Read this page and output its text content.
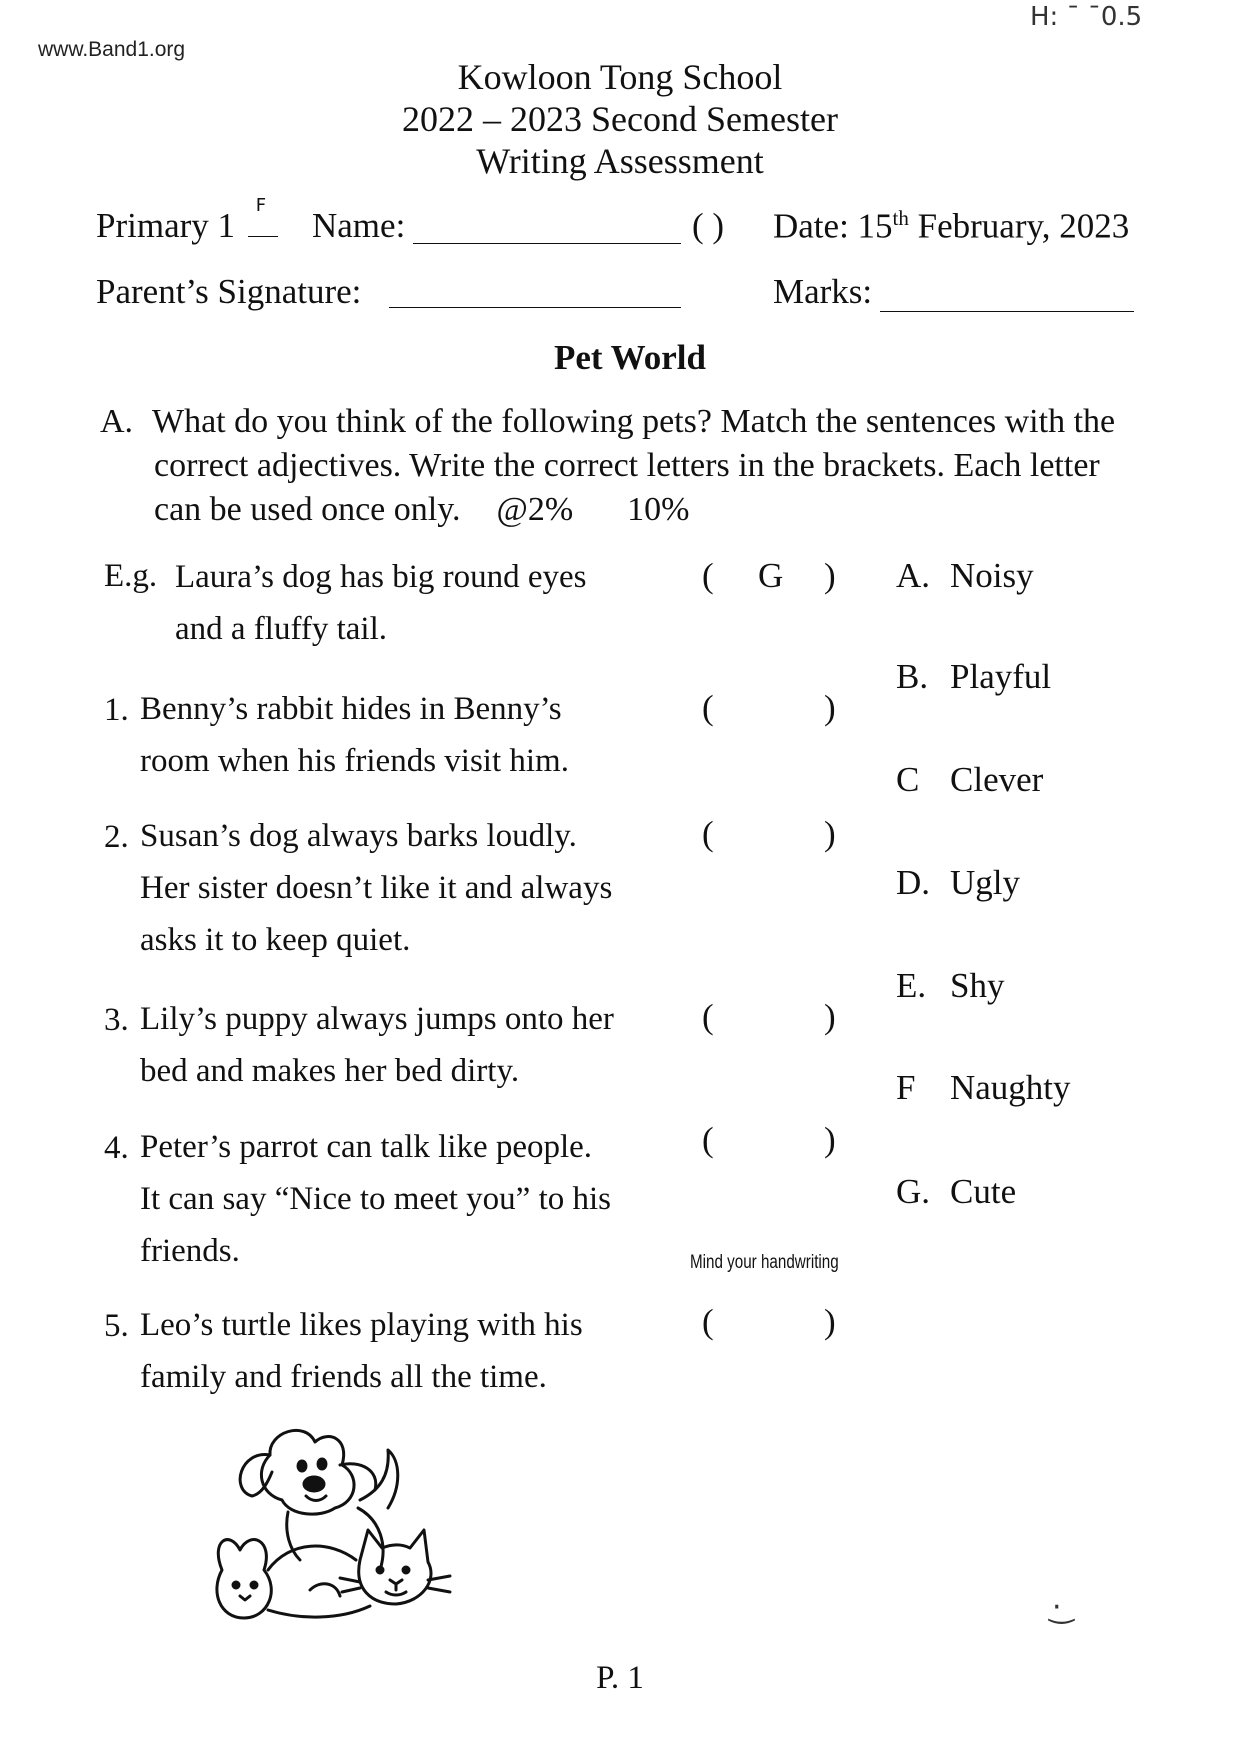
www.Band1.org
H: ¯ ¯0.5
Kowloon Tong School
2022 – 2023 Second Semester
Writing Assessment
Primary 1
F
Name:	( ) Date: 15th February, 2023
Parent’s Signature:	Marks:
Pet World
A. What do you think of the following pets? Match the sentences with the
correct adjectives. Write the correct letters in the brackets. Each letter
can be used once only. @2% 10%
E.g. Laura’s dog has big round eyes
and a fluffy tail.
( G )
1. Benny’s rabbit hides in Benny’s
room when his friends visit him.
(	)
2. Susan’s dog always barks loudly.
Her sister doesn’t like it and always
asks it to keep quiet.
(	)
3. Lily’s puppy always jumps onto her
bed and makes her bed dirty.
(	)
4. Peter’s parrot can talk like people.
It can say “Nice to meet you” to his
friends.
(	)
Mind your handwriting
5. Leo’s turtle likes playing with his
family and friends all the time.
(	)
A. Noisy
B. Playful
C Clever
D. Ugly
E. Shy
F Naughty
G. Cute
·͜
P. 1
